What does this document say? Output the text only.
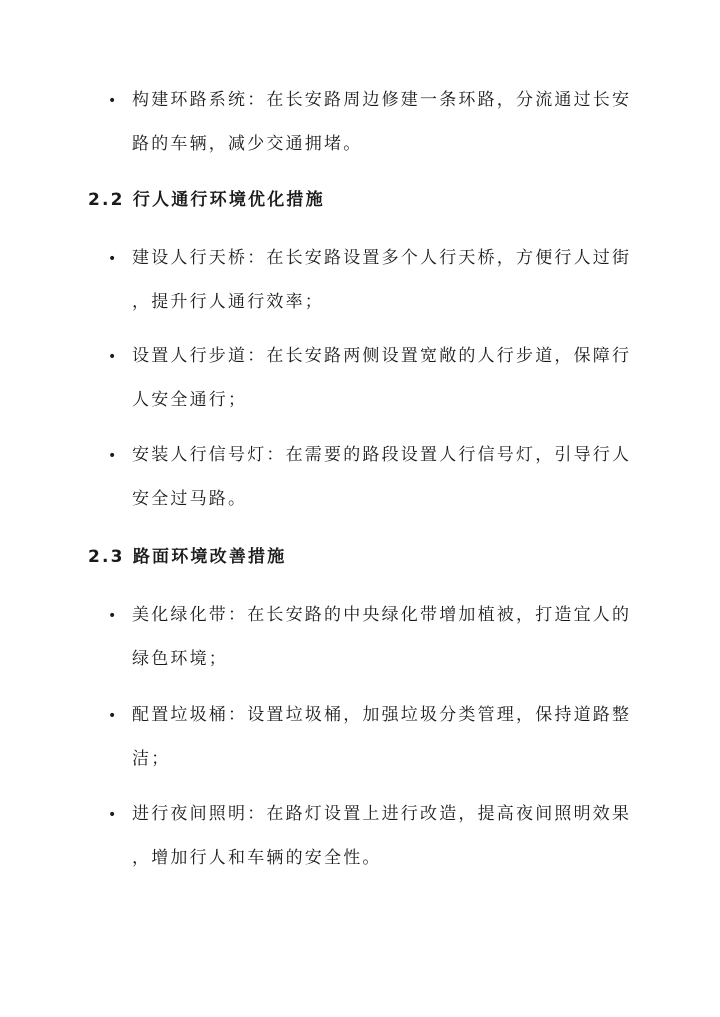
• 构建环路系统：在长安路周边修建一条环路，分流通过长安
路的车辆，减少交通拥堵。
2.2 行人通行环境优化措施
• 建设人行天桥：在长安路设置多个人行天桥，方便行人过街
，提升行人通行效率；
• 设置人行步道：在长安路两侧设置宽敞的人行步道，保障行
人安全通行；
• 安装人行信号灯：在需要的路段设置人行信号灯，引导行人
安全过马路。
2.3 路面环境改善措施
• 美化绿化带：在长安路的中央绿化带增加植被，打造宜人的
绿色环境；
• 配置垃圾桶：设置垃圾桶，加强垃圾分类管理，保持道路整
洁；
• 进行夜间照明：在路灯设置上进行改造，提高夜间照明效果
，增加行人和车辆的安全性。
